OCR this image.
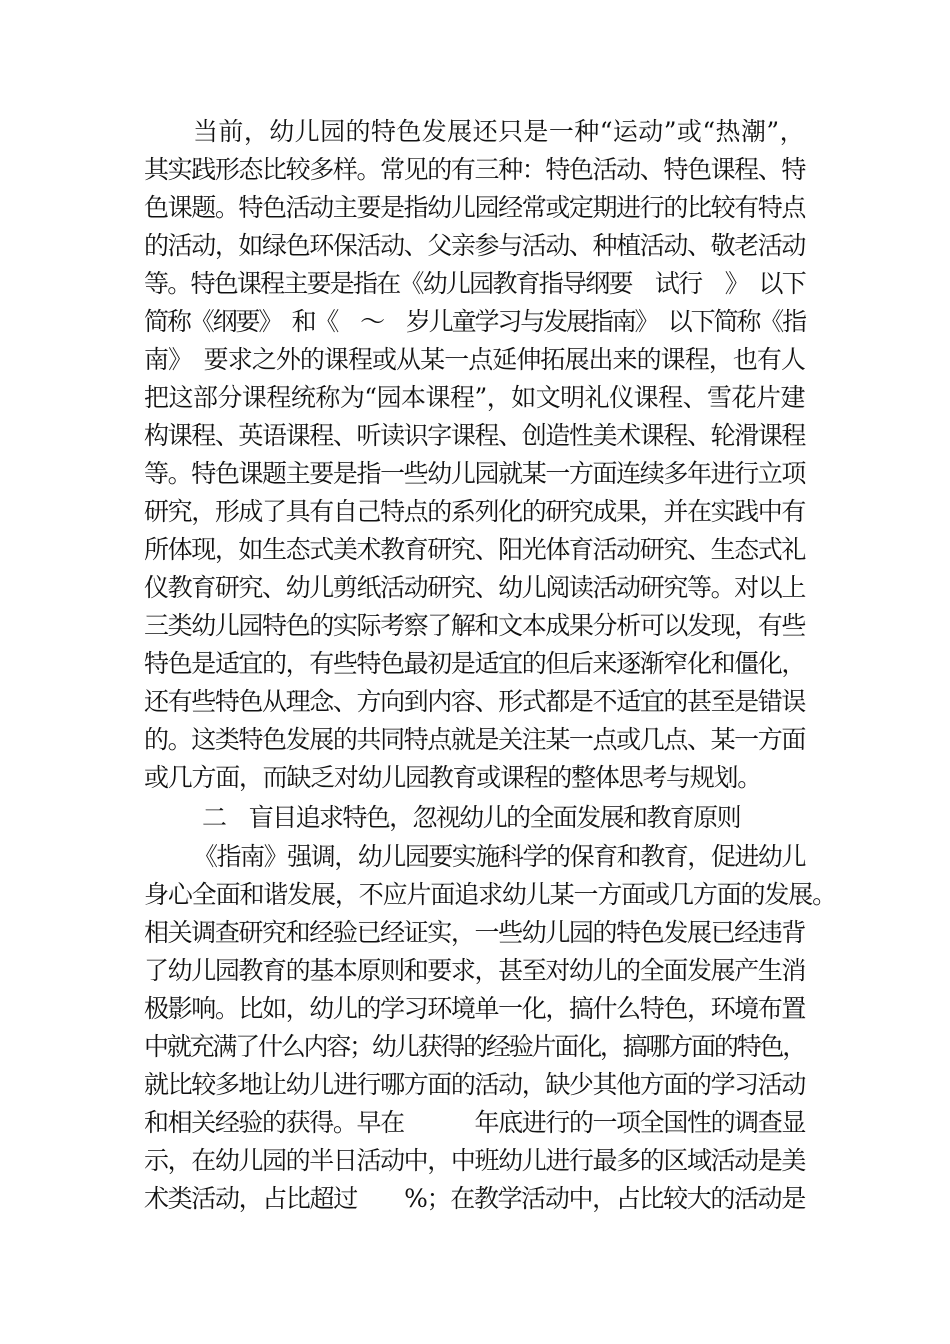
当前，幼儿园的特色发展还只是一种“运动”或“热潮”，
其实践形态比较多样。常见的有三种：特色活动、特色课程、特
色课题。特色活动主要是指幼儿园经常或定期进行的比较有特点
的活动，如绿色环保活动、父亲参与活动、种植活动、敬老活动
等。特色课程主要是指在《幼儿园教育指导纲要　试行　》　以下
简称《纲要》　和《　～　岁儿童学习与发展指南》　以下简称《指
南》　要求之外的课程或从某一点延伸拓展出来的课程，也有人
把这部分课程统称为“园本课程”，如文明礼仪课程、雪花片建
构课程、英语课程、听读识字课程、创造性美术课程、轮滑课程
等。特色课题主要是指一些幼儿园就某一方面连续多年进行立项
研究，形成了具有自己特点的系列化的研究成果，并在实践中有
所体现，如生态式美术教育研究、阳光体育活动研究、生态式礼
仪教育研究、幼儿剪纸活动研究、幼儿阅读活动研究等。对以上
三类幼儿园特色的实际考察了解和文本成果分析可以发现，有些
特色是适宜的，有些特色最初是适宜的但后来逐渐窄化和僵化，
还有些特色从理念、方向到内容、形式都是不适宜的甚至是错误
的。这类特色发展的共同特点就是关注某一点或几点、某一方面
或几方面，而缺乏对幼儿园教育或课程的整体思考与规划。
二　盲目追求特色，忽视幼儿的全面发展和教育原则
《指南》强调，幼儿园要实施科学的保育和教育，促进幼儿
身心全面和谐发展，不应片面追求幼儿某一方面或几方面的发展。
相关调查研究和经验已经证实，一些幼儿园的特色发展已经违背
了幼儿园教育的基本原则和要求，甚至对幼儿的全面发展产生消
极影响。比如，幼儿的学习环境单一化，搞什么特色，环境布置
中就充满了什么内容；幼儿获得的经验片面化，搞哪方面的特色，
就比较多地让幼儿进行哪方面的活动，缺少其他方面的学习活动
和相关经验的获得。早在　　　年底进行的一项全国性的调查显
示，在幼儿园的半日活动中，中班幼儿进行最多的区域活动是美
术类活动，占比超过　　%；在教学活动中，占比较大的活动是
